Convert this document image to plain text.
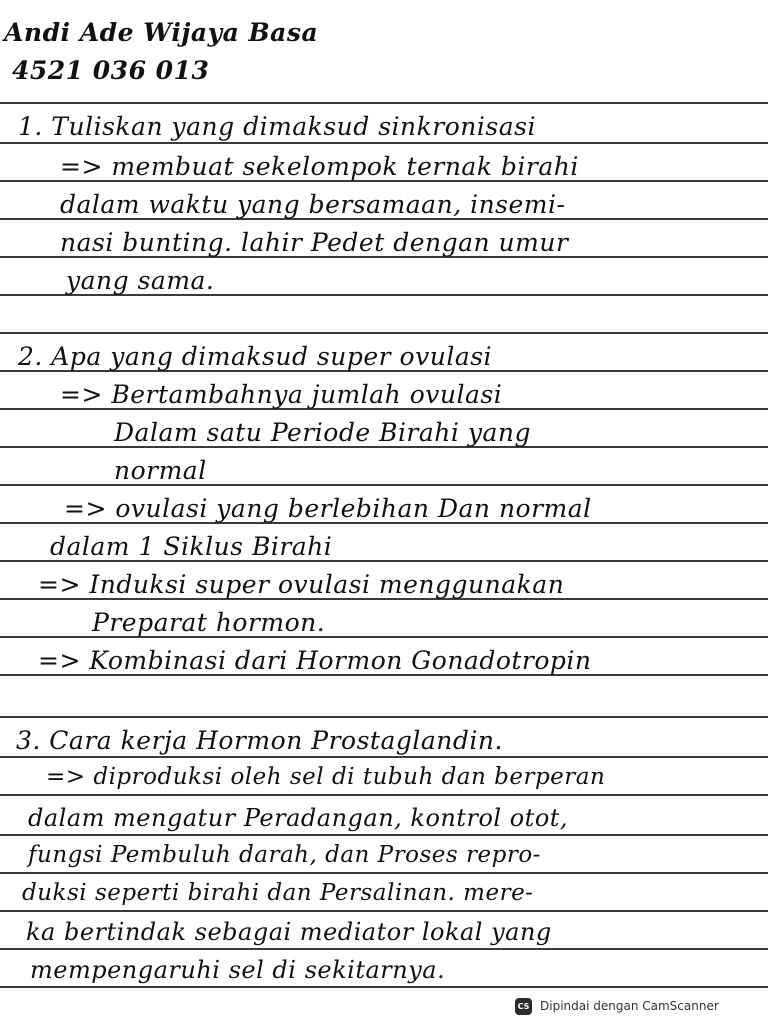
Andi Ade Wijaya Basa
4521 036 013
1. Tuliskan yang dimaksud sinkronisasi
=> membuat sekelompok ternak birahi
dalam waktu yang bersamaan, insemi-
nasi bunting. lahir Pedet dengan umur
yang sama.
2. Apa yang dimaksud super ovulasi
=> Bertambahnya jumlah ovulasi
Dalam satu Periode Birahi yang
normal
=> ovulasi yang berlebihan Dan normal
dalam 1 Siklus Birahi
=> Induksi super ovulasi menggunakan
Preparat hormon.
=> Kombinasi dari Hormon Gonadotropin
3. Cara kerja Hormon Prostaglandin.
=> diproduksi oleh sel di tubuh dan berperan
dalam mengatur Peradangan, kontrol otot,
fungsi Pembuluh darah, dan Proses repro-
duksi seperti birahi dan Persalinan. mere-
ka bertindak sebagai mediator lokal yang
mempengaruhi sel di sekitarnya.
CS Dipindai dengan CamScanner
